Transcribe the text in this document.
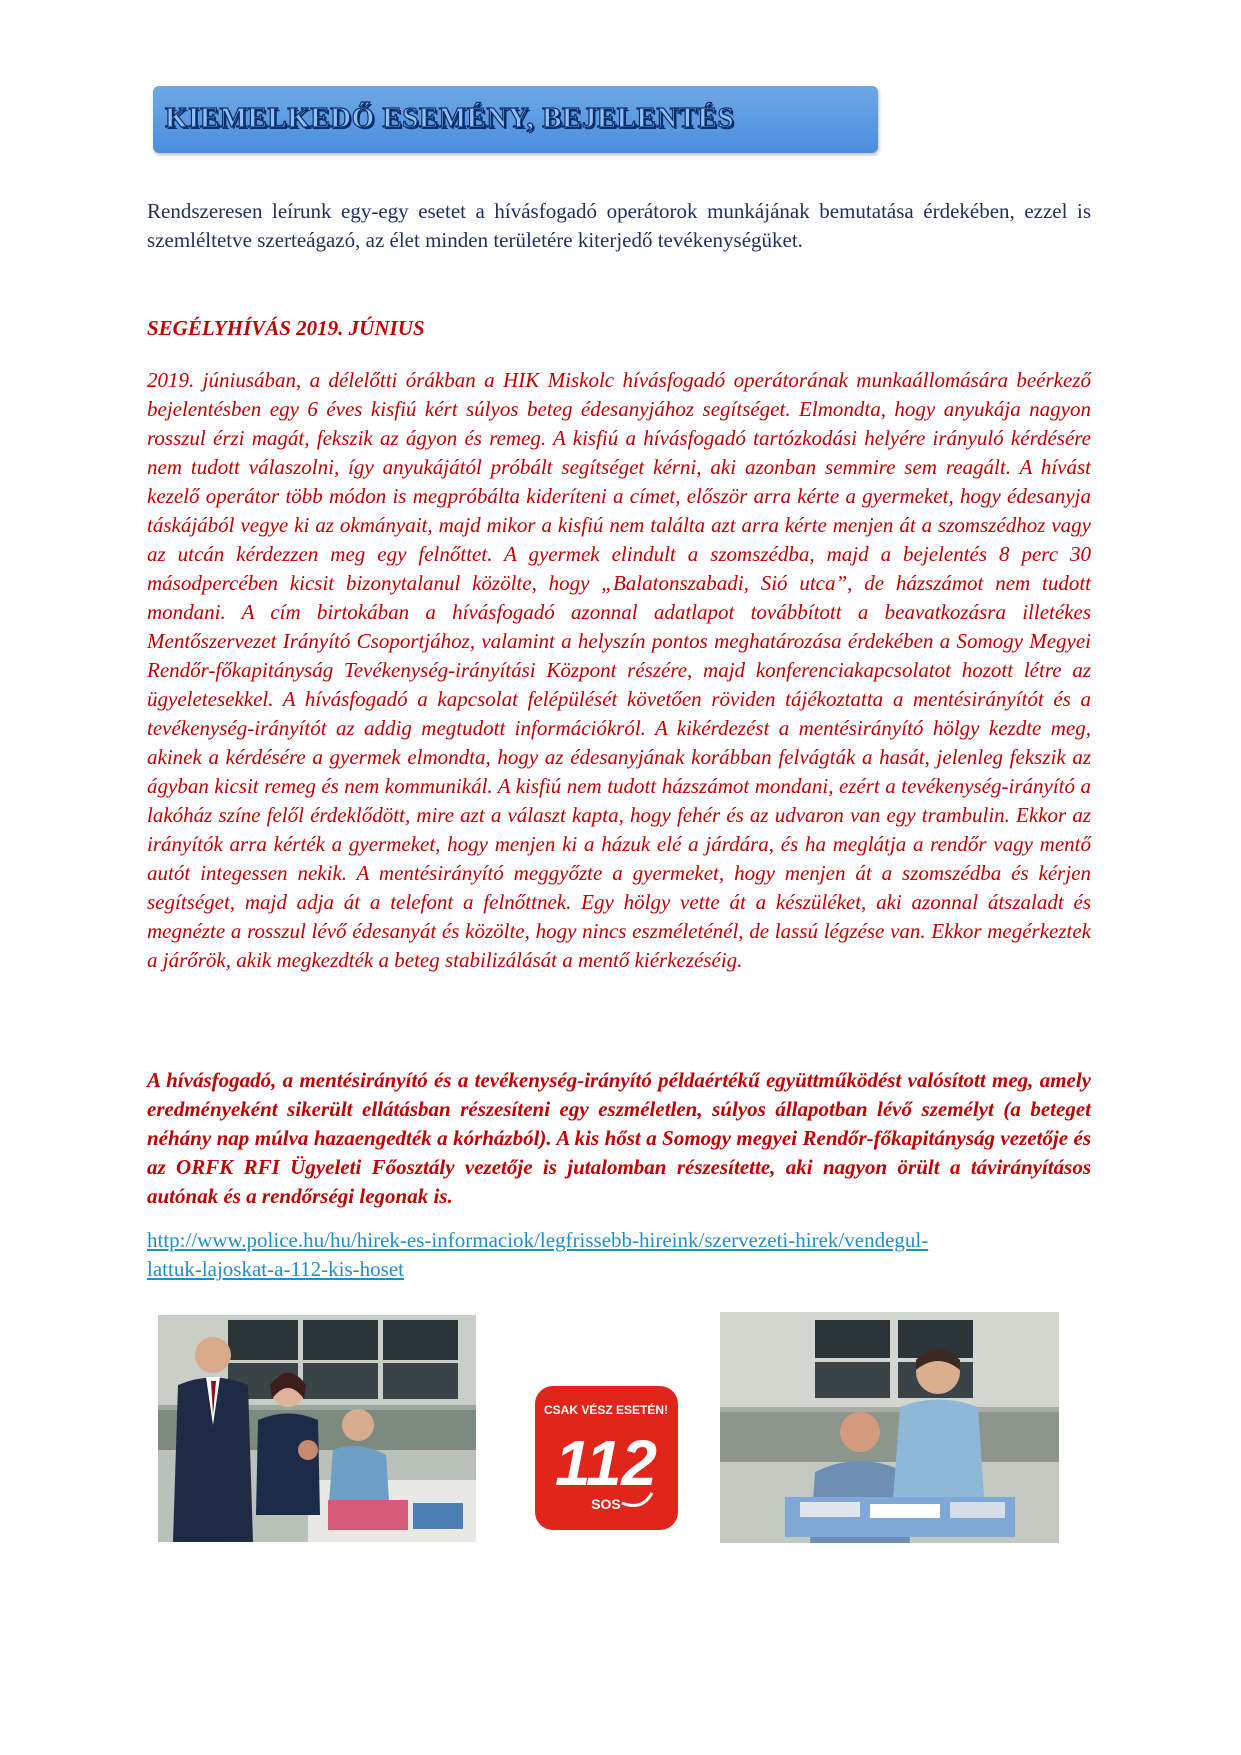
KIEMELKEDŐ ESEMÉNY, BEJELENTÉS

Rendszeresen leírunk egy-egy esetet a hívásfogadó operátorok munkájának bemutatása érdekében, ezzel is szemléltetve szerteágazó, az élet minden területére kiterjedő tevékenységüket.

SEGÉLYHÍVÁS 2019. JÚNIUS

2019. júniusában, a délelőtti órákban a HIK Miskolc hívásfogadó operátorának munkaállomására beérkező bejelentésben egy 6 éves kisfiú kért súlyos beteg édesanyjához segítséget. Elmondta, hogy anyukája nagyon rosszul érzi magát, fekszik az ágyon és remeg. A kisfiú a hívásfogadó tartózkodási helyére irányuló kérdésére nem tudott válaszolni, így anyukájától próbált segítséget kérni, aki azonban semmire sem reagált. A hívást kezelő operátor több módon is megpróbálta kideríteni a címet, először arra kérte a gyermeket, hogy édesanyja táskájából vegye ki az okmányait, majd mikor a kisfiú nem találta azt arra kérte menjen át a szomszédhoz vagy az utcán kérdezzen meg egy felnőttet. A gyermek elindult a szomszédba, majd a bejelentés 8 perc 30 másodpercében kicsit bizonytalanul közölte, hogy „Balatonszabadi, Sió utca”, de házszámot nem tudott mondani. A cím birtokában a hívásfogadó azonnal adatlapot továbbított a beavatkozásra illetékes Mentőszervezet Irányító Csoportjához, valamint a helyszín pontos meghatározása érdekében a Somogy Megyei Rendőr-főkapitányság Tevékenység-irányítási Központ részére, majd konferenciakapcsolatot hozott létre az ügyeletesekkel. A hívásfogadó a kapcsolat felépülését követően röviden tájékoztatta a mentésirányítót és a tevékenység-irányítót az addig megtudott információkról. A kikérdezést a mentésirányító hölgy kezdte meg, akinek a kérdésére a gyermek elmondta, hogy az édesanyjának korábban felvágták a hasát, jelenleg fekszik az ágyban kicsit remeg és nem kommunikál. A kisfiú nem tudott házszámot mondani, ezért a tevékenység-irányító a lakóház színe felől érdeklődött, mire azt a választ kapta, hogy fehér és az udvaron van egy trambulin. Ekkor az irányítók arra kérték a gyermeket, hogy menjen ki a házuk elé a járdára, és ha meglátja a rendőr vagy mentő autót integessen nekik. A mentésirányító meggyőzte a gyermeket, hogy menjen át a szomszédba és kérjen segítséget, majd adja át a telefont a felnőttnek. Egy hölgy vette át a készüléket, aki azonnal átszaladt és megnézte a rosszul lévő édesanyát és közölte, hogy nincs eszméleténél, de lassú légzése van. Ekkor megérkeztek a járőrök, akik megkezdték a beteg stabilizálását a mentő kiérkezéséig.

A hívásfogadó, a mentésirányító és a tevékenység-irányító példaértékű együttműködést valósított meg, amely eredményeként sikerült ellátásban részesíteni egy eszméletlen, súlyos állapotban lévő személyt (a beteget néhány nap múlva hazaengedték a kórházból). A kis hőst a Somogy megyei Rendőr-főkapitányság vezetője és az ORFK RFI Ügyeleti Főosztály vezetője is jutalomban részesítette, aki nagyon örült a távirányításos autónak és a rendőrségi legonak is.

http://www.police.hu/hu/hirek-es-informaciok/legfrissebb-hireink/szervezeti-hirek/vendegul-
lattuk-lajoskat-a-112-kis-hoset

CSAK VÉSZ ESETÉN!
112
SOS
